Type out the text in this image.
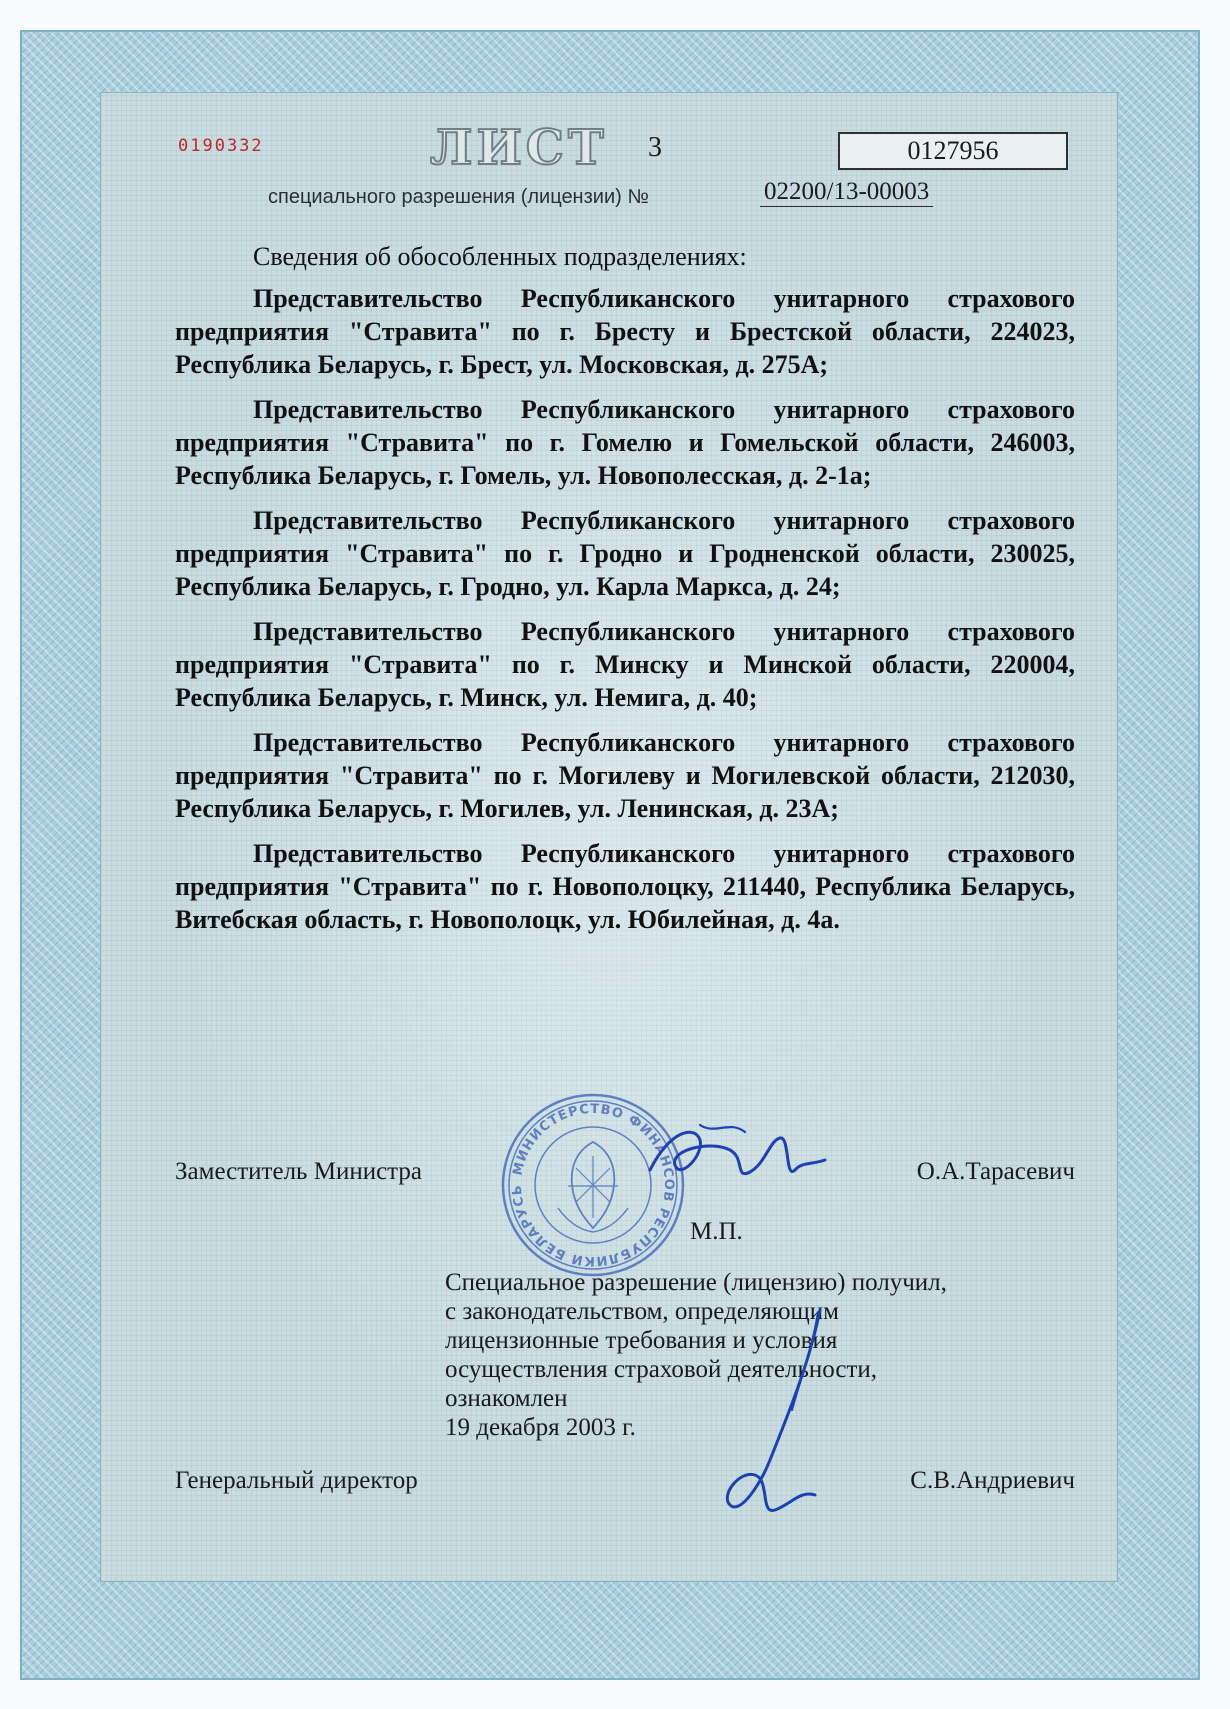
0190332	ЛИСТ 3	0127956
специального разрешения (лицензии) №	02200/13-00003

Сведения об обособленных подразделениях:

Представительство Республиканского унитарного страхового предприятия "Стравита" по г. Бресту и Брестской области, 224023, Республика Беларусь, г. Брест, ул. Московская, д. 275А;

Представительство Республиканского унитарного страхового предприятия "Стравита" по г. Гомелю и Гомельской области, 246003, Республика Беларусь, г. Гомель, ул. Новополесская, д. 2-1а;

Представительство Республиканского унитарного страхового предприятия "Стравита" по г. Гродно и Гродненской области, 230025, Республика Беларусь, г. Гродно, ул. Карла Маркса, д. 24;

Представительство Республиканского унитарного страхового предприятия "Стравита" по г. Минску и Минской области, 220004, Республика Беларусь, г. Минск, ул. Немига, д. 40;

Представительство Республиканского унитарного страхового предприятия "Стравита" по г. Могилеву и Могилевской области, 212030, Республика Беларусь, г. Могилев, ул. Ленинская, д. 23А;

Представительство Республиканского унитарного страхового предприятия "Стравита" по г. Новополоцку, 211440, Республика Беларусь, Витебская область, г. Новополоцк, ул. Юбилейная, д. 4а.

МИНИСТЕРСТВО ФИНАНСОВ РЕСПУБЛИКИ БЕЛАРУСЬ
Заместитель Министра	О.А.Тарасевич
М.П.
Специальное разрешение (лицензию) получил,
с законодательством, определяющим
лицензионные требования и условия
осуществления страховой деятельности,
ознакомлен
19 декабря 2003 г.
Генеральный директор	С.В.Андриевич
